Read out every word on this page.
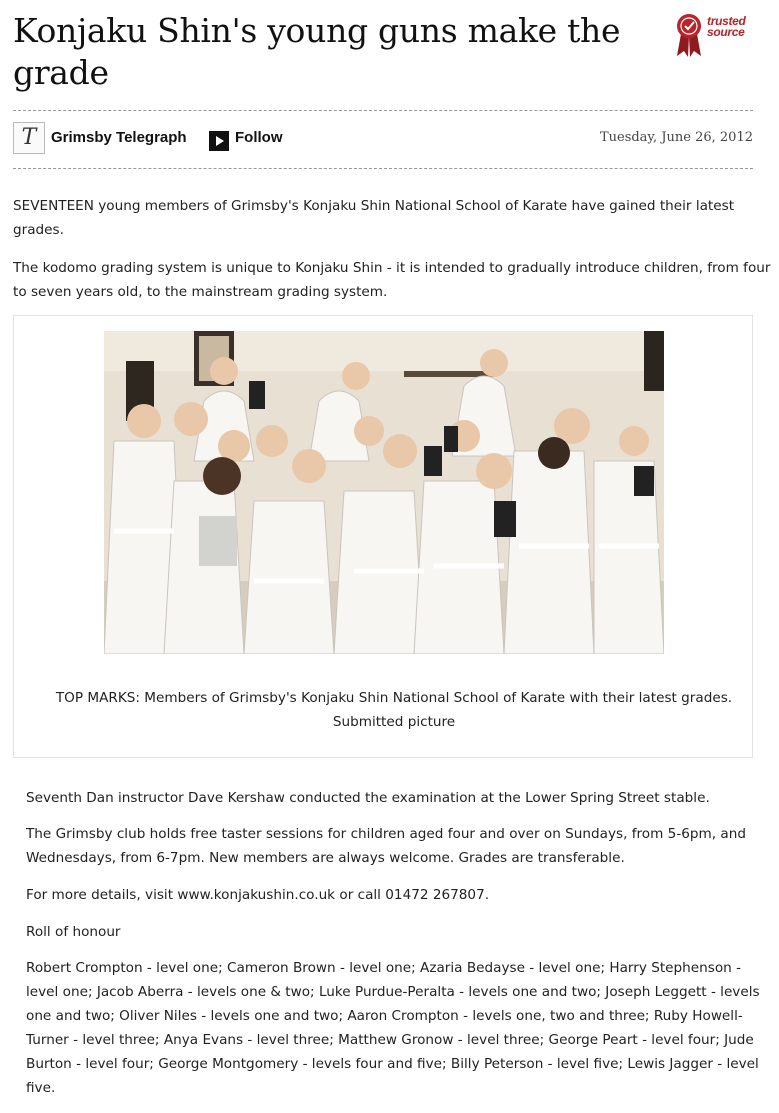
Konjaku Shin's young guns make the grade
trusted
source
T Grimsby Telegraph	Follow	Tuesday, June 26, 2012

SEVENTEEN young members of Grimsby's Konjaku Shin National School of Karate have gained their latest grades.

The kodomo grading system is unique to Konjaku Shin - it is intended to gradually introduce children, from four to seven years old, to the mainstream grading system.

TOP MARKS: Members of Grimsby's Konjaku Shin National School of Karate with their latest grades. Submitted picture

Seventh Dan instructor Dave Kershaw conducted the examination at the Lower Spring Street stable.

The Grimsby club holds free taster sessions for children aged four and over on Sundays, from 5-6pm, and Wednesdays, from 6-7pm. New members are always welcome. Grades are transferable.

For more details, visit www.konjakushin.co.uk or call 01472 267807.

Roll of honour

Robert Crompton - level one; Cameron Brown - level one; Azaria Bedayse - level one; Harry Stephenson - level one; Jacob Aberra - levels one & two; Luke Purdue-Peralta - levels one and two; Joseph Leggett - levels one and two; Oliver Niles - levels one and two; Aaron Crompton - levels one, two and three; Ruby Howell-Turner - level three; Anya Evans - level three; Matthew Gronow - level three; George Peart - level four; Jude Burton - level four; George Montgomery - levels four and five; Billy Peterson - level five; Lewis Jagger - level five.
